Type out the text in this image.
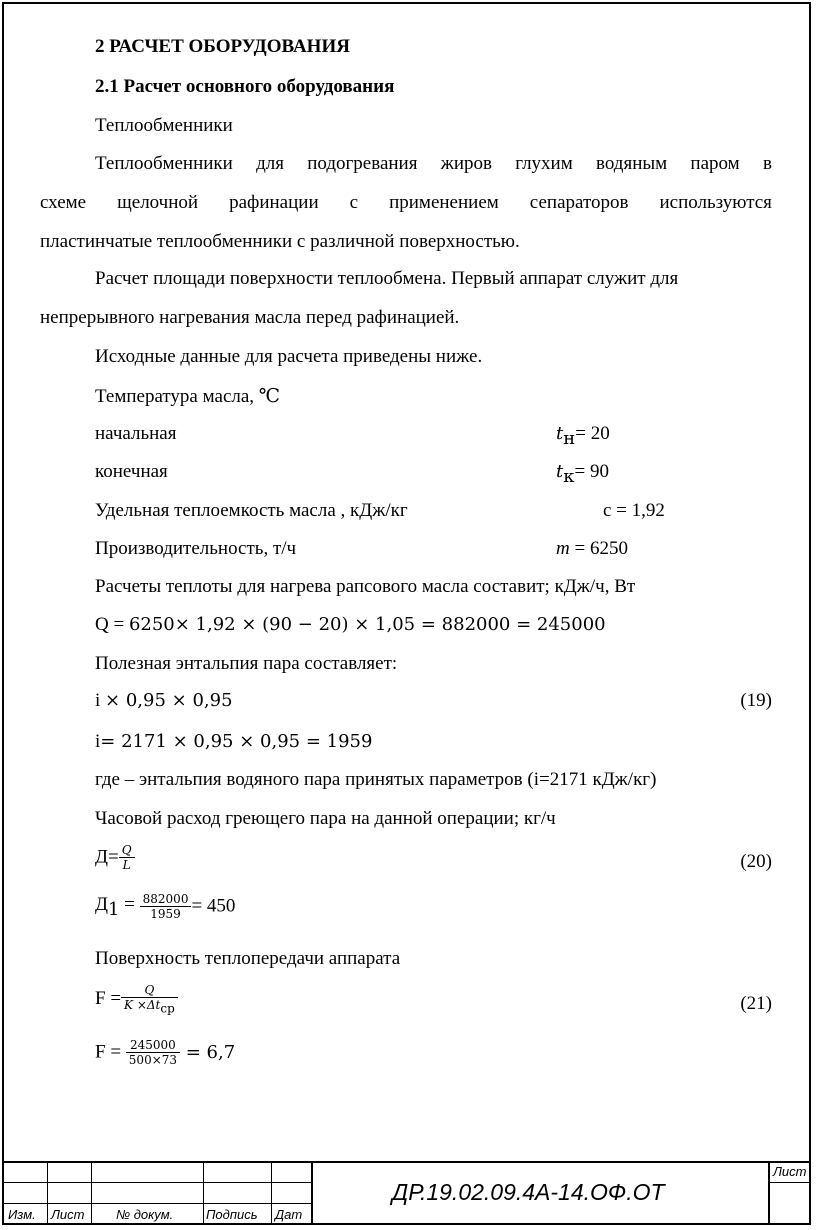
2 РАСЧЕТ ОБОРУДОВАНИЯ
2.1 Расчет основного оборудования
Теплообменники
Теплообменники для подогревания жиров глухим водяным паром в
схеме щелочной рафинации с применением сепараторов используются
пластинчатые теплообменники с различной поверхностью.
Расчет площади поверхности теплообмена. Первый аппарат служит для
непрерывного нагревания масла перед рафинацией.
Исходные данные для расчета приведены ниже.
Температура масла, ℃
начальная	$t_н= 20$
конечная	$t_к= 90$
Удельная теплоемкость масла , кДж/кг	с = 1,92
Производительность, т/ч	m = 6250
Расчеты теплоты для нагрева рапсового масла составит; кДж/ч, Вт
Q = 6250× 1,92 × (90 − 20) × 1,05 = 882000 = 245000
Полезная энтальпия пара составляет:
i × 0,95 × 0,95	(19)
i= 2171 × 0,95 × 0,95 = 1959
где – энтальпия водяного пара принятых параметров (i=2171 кДж/кг)
Часовой расход греющего пара на данной операции; кг/ч
$Д= \frac{Q}{L}$	(20)
$Д_1 = \frac{882000}{1959} = 450$
Поверхность теплопередачи аппарата
$F = \frac{Q}{K \times\Delta t_{ср}}$	(21)
$F = \frac{245000}{500\times 73} = 6,7$
Изм. Лист № докум.	Подпись Дат
ДР.19.02.09.4А-14.ОФ.ОТ
Лист
